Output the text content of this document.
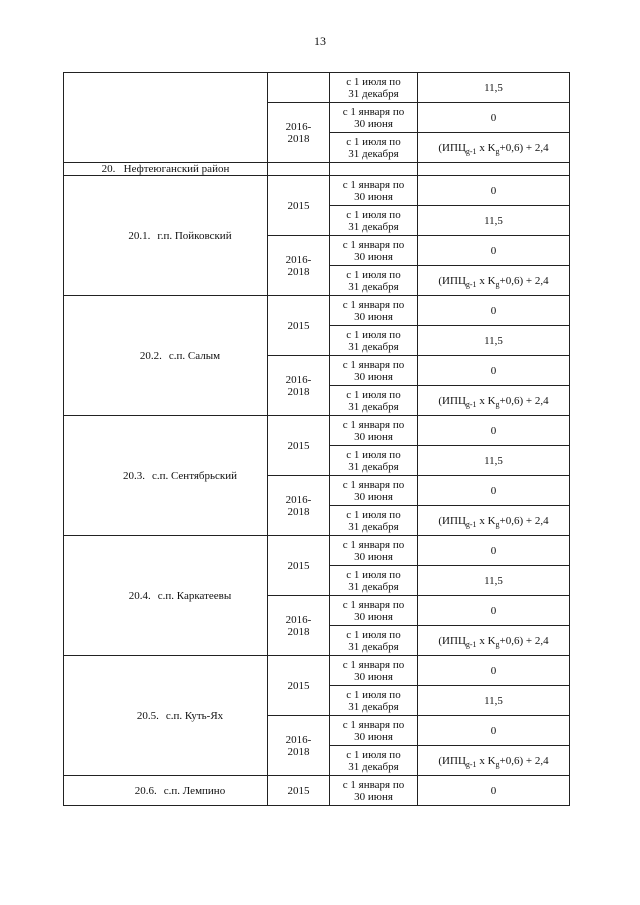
13
		с 1 июля по
31 декабря	11,5
	2016-
2018	с 1 января по
30 июня	0
		с 1 июля по
31 декабря	($ИПЦ_{g-1}$ x $K_g+0,6) + 2,4$
20. Нефтеюганский район			
20.1. г.п. Пойковский	2015	с 1 января по
30 июня	0
		с 1 июля по
31 декабря	11,5
	2016-
2018	с 1 января по
30 июня	0
		с 1 июля по
31 декабря	($ИПЦ_{g-1}$ x $K_g+0,6) + 2,4$
20.2. с.п. Салым	2015	с 1 января по
30 июня	0
		с 1 июля по
31 декабря	11,5
	2016-
2018	с 1 января по
30 июня	0
		с 1 июля по
31 декабря	($ИПЦ_{g-1}$ x $K_g+0,6) + 2,4$
20.3. с.п. Сентябрьский	2015	с 1 января по
30 июня	0
		с 1 июля по
31 декабря	11,5
	2016-
2018	с 1 января по
30 июня	0
		с 1 июля по
31 декабря	($ИПЦ_{g-1}$ x $K_g+0,6) + 2,4$
20.4. с.п. Каркатеевы	2015	с 1 января по
30 июня	0
		с 1 июля по
31 декабря	11,5
	2016-
2018	с 1 января по
30 июня	0
		с 1 июля по
31 декабря	($ИПЦ_{g-1}$ x $K_g+0,6) + 2,4$
20.5. с.п. Куть-Ях	2015	с 1 января по
30 июня	0
		с 1 июля по
31 декабря	11,5
	2016-
2018	с 1 января по
30 июня	0
		с 1 июля по
31 декабря	($ИПЦ_{g-1}$ x $K_g+0,6) + 2,4$
20.6. с.п. Лемпино	2015	с 1 января по
30 июня	0
